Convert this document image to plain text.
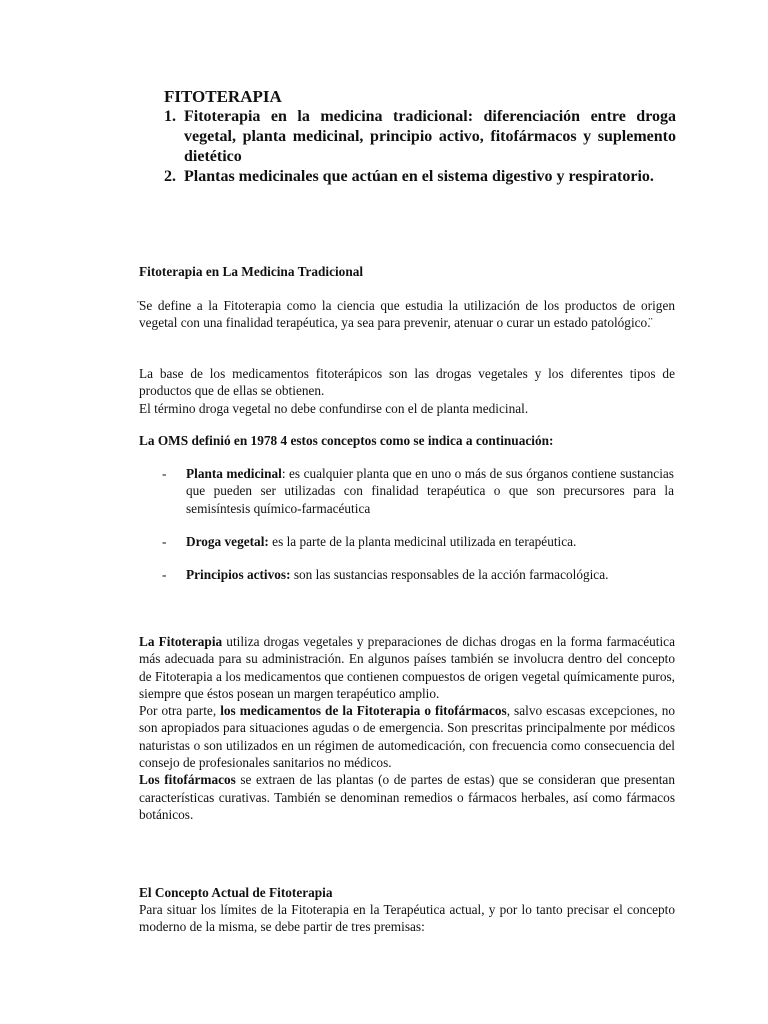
FITOTERAPIA
1. Fitoterapia en la medicina tradicional: diferenciación entre droga vegetal, planta medicinal, principio activo, fitofármacos y suplemento dietético
2. Plantas medicinales que actúan en el sistema digestivo y respiratorio.

Fitoterapia en La Medicina Tradicional

̈Se define a la Fitoterapia como la ciencia que estudia la utilización de los productos de origen vegetal con una finalidad terapéutica, ya sea para prevenir, atenuar o curar un estado patológico.̈

La base de los medicamentos fitoterápicos son las drogas vegetales y los diferentes tipos de productos que de ellas se obtienen.

El término droga vegetal no debe confundirse con el de planta medicinal.

La OMS definió en 1978 4 estos conceptos como se indica a continuación:

- Planta medicinal: es cualquier planta que en uno o más de sus órganos contiene sustancias que pueden ser utilizadas con finalidad terapéutica o que son precursores para la semisíntesis químico-farmacéutica
- Droga vegetal: es la parte de la planta medicinal utilizada en terapéutica.
- Principios activos: son las sustancias responsables de la acción farmacológica.

La Fitoterapia utiliza drogas vegetales y preparaciones de dichas drogas en la forma farmacéutica más adecuada para su administración. En algunos países también se involucra dentro del concepto de Fitoterapia a los medicamentos que contienen compuestos de origen vegetal químicamente puros, siempre que éstos posean un margen terapéutico amplio.

Por otra parte, los medicamentos de la Fitoterapia o fitofármacos, salvo escasas excepciones, no son apropiados para situaciones agudas o de emergencia. Son prescritas principalmente por médicos naturistas o son utilizados en un régimen de automedicación, con frecuencia como consecuencia del consejo de profesionales sanitarios no médicos.

Los fitofármacos se extraen de las plantas (o de partes de estas) que se consideran que presentan características curativas. También se denominan remedios o fármacos herbales, así como fármacos botánicos.

El Concepto Actual de Fitoterapia

Para situar los límites de la Fitoterapia en la Terapéutica actual, y por lo tanto precisar el concepto moderno de la misma, se debe partir de tres premisas:
